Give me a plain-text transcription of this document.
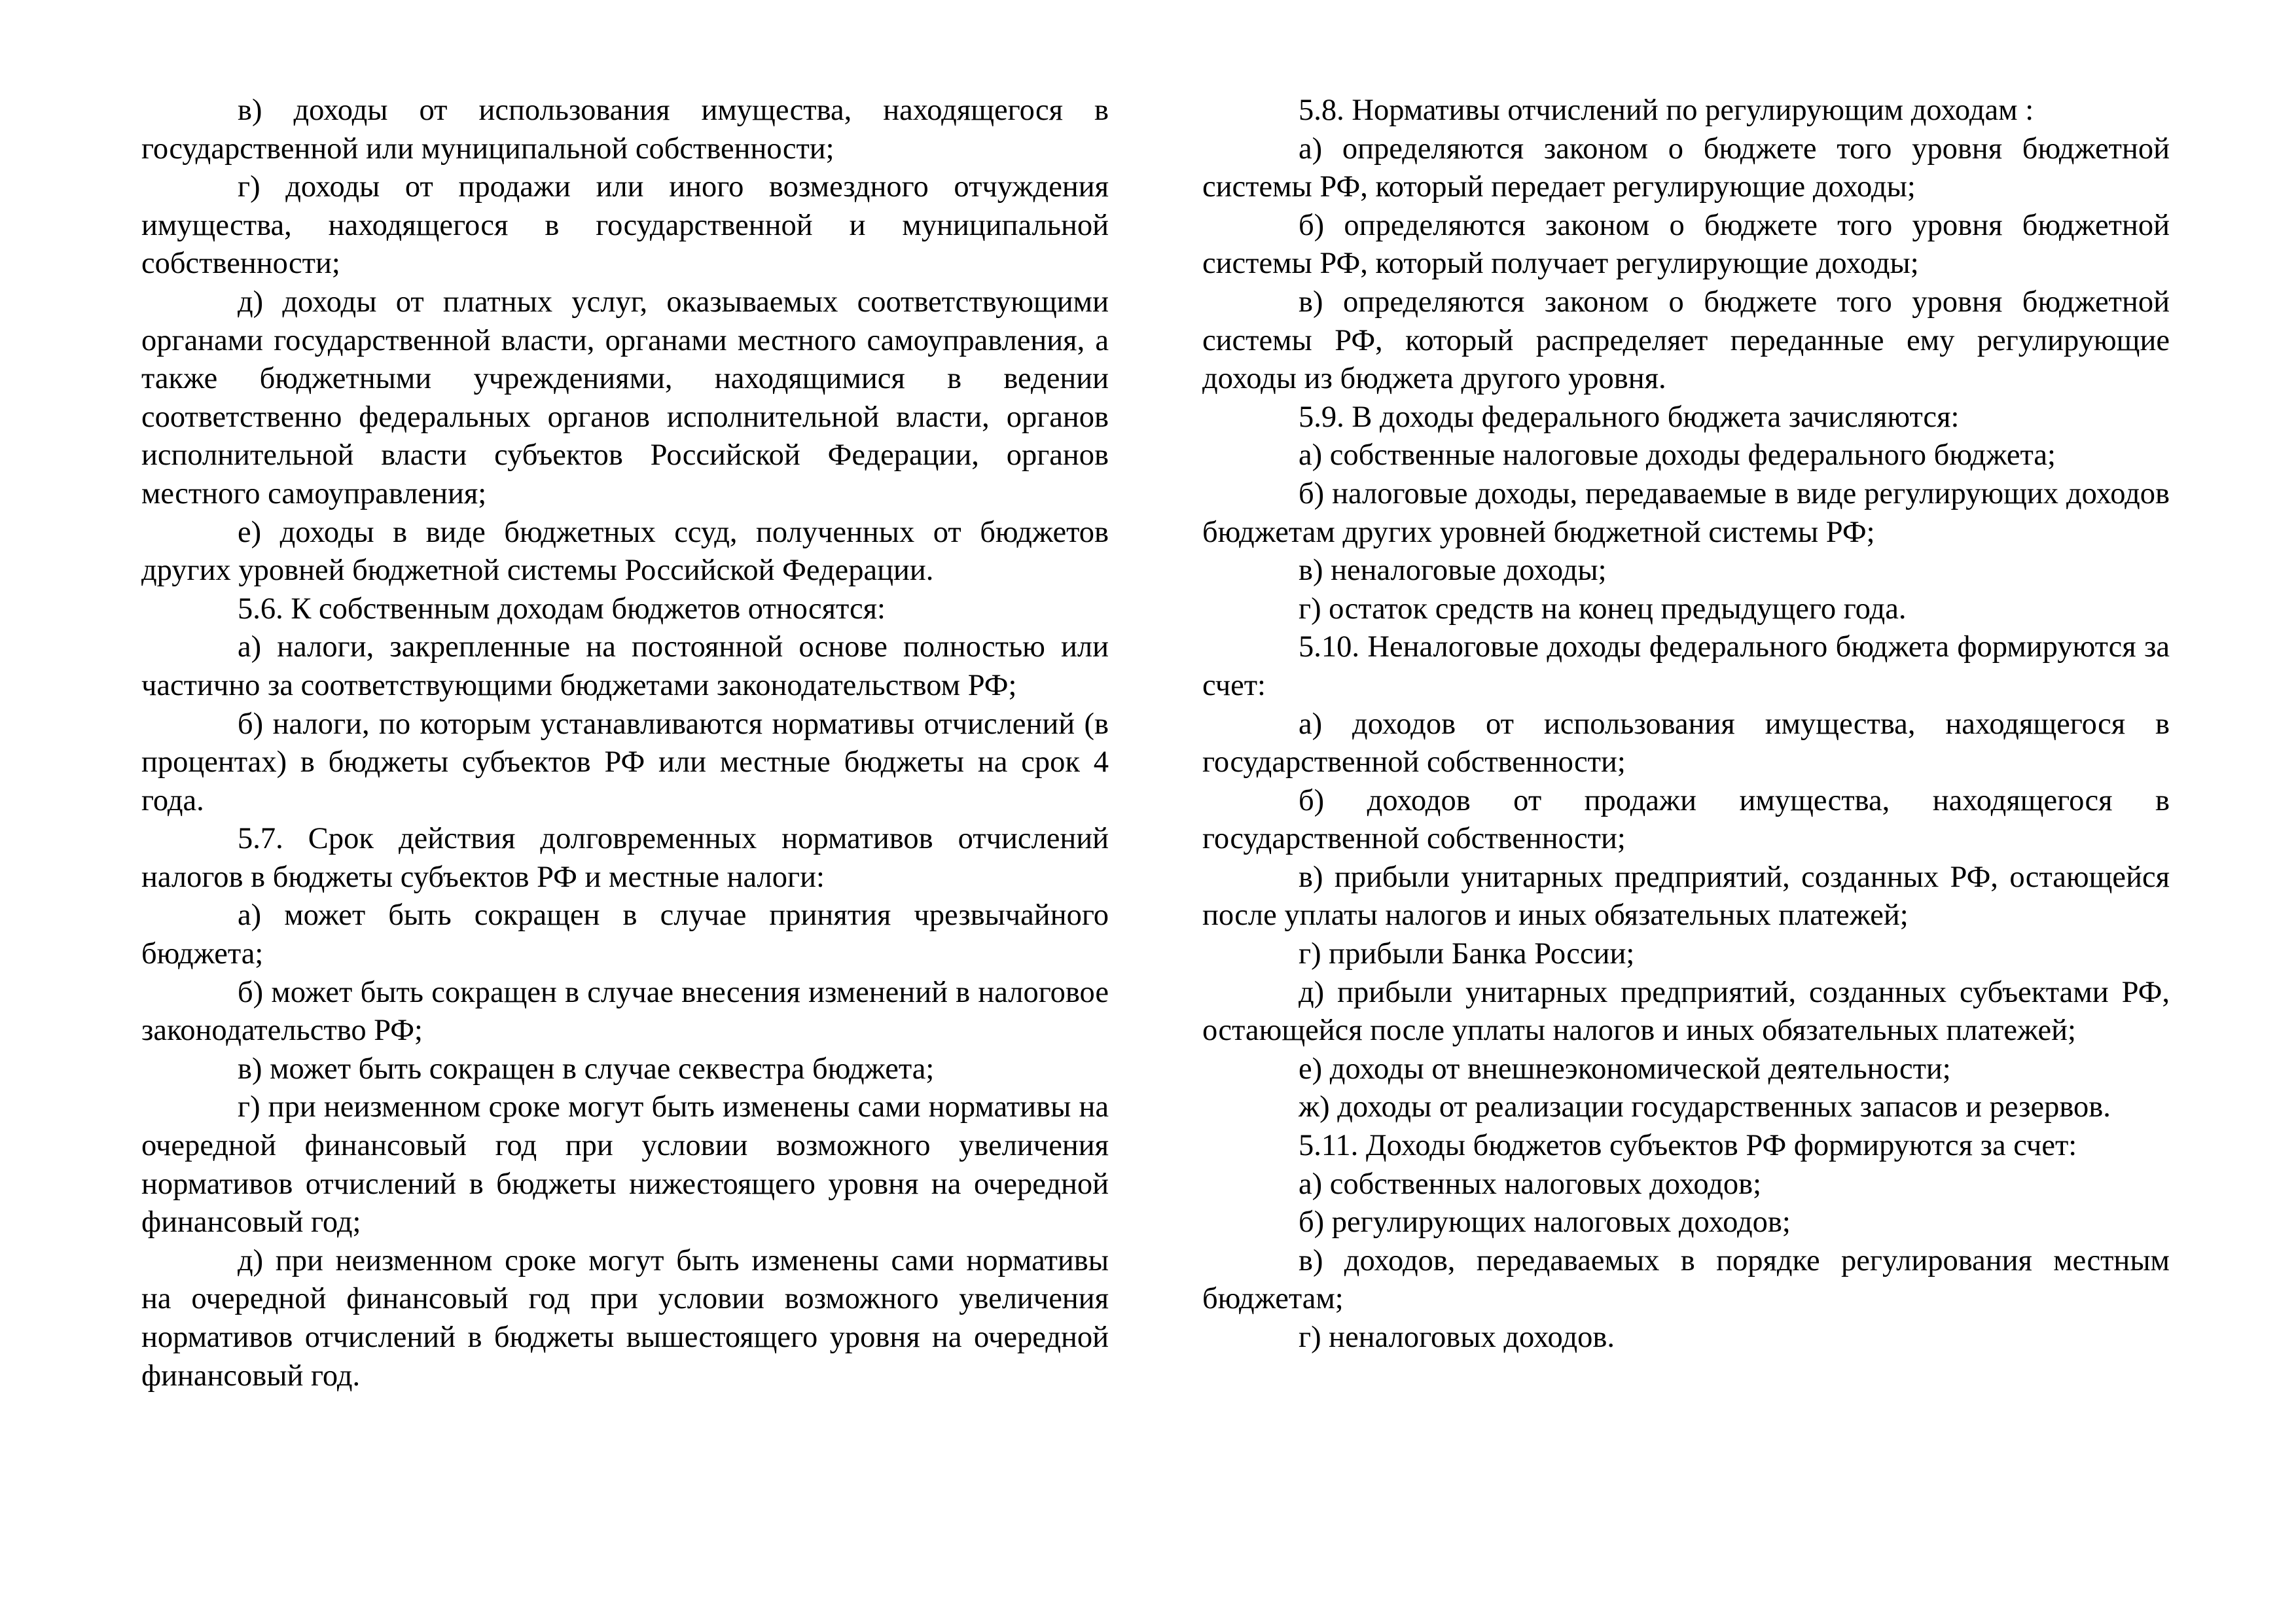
в) доходы от использования имущества, находящегося в государственной или муниципальной собственности;

г) доходы от продажи или иного возмездного отчуждения имущества, находящегося в государственной и муниципальной собственности;

д) доходы от платных услуг, оказываемых соответствующими органами государственной власти, органами местного самоуправления, а также бюджетными учреждениями, находящимися в ведении соответственно федеральных органов исполнительной власти, органов исполнительной власти субъектов Российской Федерации, органов местного самоуправления;

е) доходы в виде бюджетных ссуд, полученных от бюджетов других уровней бюджетной системы Российской Федерации.

5.6. К собственным доходам бюджетов относятся:

а) налоги, закрепленные на постоянной основе полностью или частично за соответствующими бюджетами законодательством РФ;

б) налоги, по которым устанавливаются нормативы отчислений (в процентах) в бюджеты субъектов РФ или местные бюджеты на срок 4 года.

5.7. Срок действия долговременных нормативов отчислений налогов в бюджеты субъектов РФ и местные налоги:

а) может быть сокращен в случае принятия чрезвычайного бюджета;

б) может быть сокращен в случае внесения изменений в налоговое законодательство РФ;

в) может быть сокращен в случае секвестра бюджета;

г) при неизменном сроке могут быть изменены сами нормативы на очередной финансовый год при условии возможного увеличения нормативов отчислений в бюджеты нижестоящего уровня на очередной финансовый год;

д) при неизменном сроке могут быть изменены сами нормативы на очередной финансовый год при условии возможного увеличения нормативов отчислений в бюджеты вышестоящего уровня на очередной финансовый год.

5.8. Нормативы отчислений по регулирующим доходам :

а) определяются законом о бюджете того уровня бюджетной системы РФ, который передает регулирующие доходы;

б) определяются законом о бюджете того уровня бюджетной системы РФ, который получает регулирующие доходы;

в) определяются законом о бюджете того уровня бюджетной системы РФ, который распределяет переданные ему регулирующие доходы из бюджета другого уровня.

5.9. В доходы федерального бюджета зачисляются:

а) собственные налоговые доходы федерального бюджета;

б) налоговые доходы, передаваемые в виде регулирующих доходов бюджетам других уровней бюджетной системы РФ;

в) неналоговые доходы;

г) остаток средств на конец предыдущего года.

5.10. Неналоговые доходы федерального бюджета формируются за счет:

а) доходов от использования имущества, находящегося в государственной собственности;

б) доходов от продажи имущества, находящегося в государственной собственности;

в) прибыли унитарных предприятий, созданных РФ, остающейся после уплаты налогов и иных обязательных платежей;

г) прибыли Банка России;

д) прибыли унитарных предприятий, созданных субъектами РФ, остающейся после уплаты налогов и иных обязательных платежей;

е) доходы от внешнеэкономической деятельности;

ж) доходы от реализации государственных запасов и резервов.

5.11. Доходы бюджетов субъектов РФ формируются за счет:

а) собственных налоговых доходов;

б) регулирующих налоговых доходов;

в) доходов, передаваемых в порядке регулирования местным бюджетам;

г) неналоговых доходов.
